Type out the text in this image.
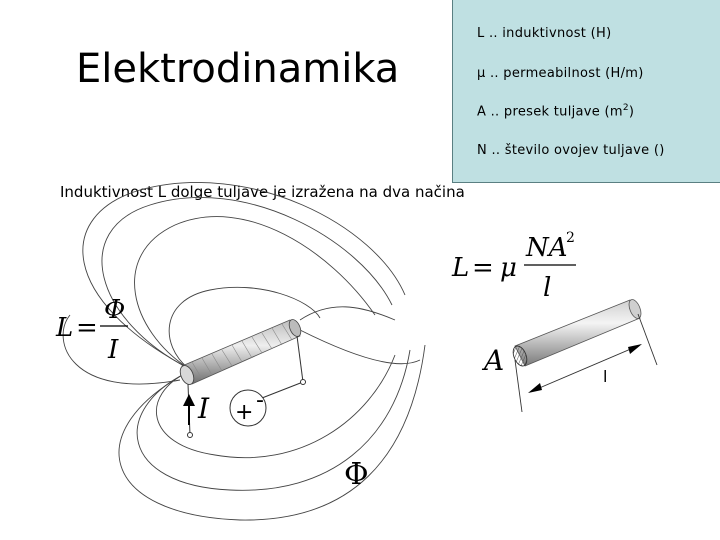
Elektrodinamika
L .. induktivnost (H)
μ .. permeabilnost (H/m)
A .. presek tuljave $(m^2)$
N .. število ovojev tuljave ()
Induktivnost L dolge tuljave je izražena na dva načina
+ -
I
Φ
L =
Φ
I
L = μ
NA
2
l
A	l
